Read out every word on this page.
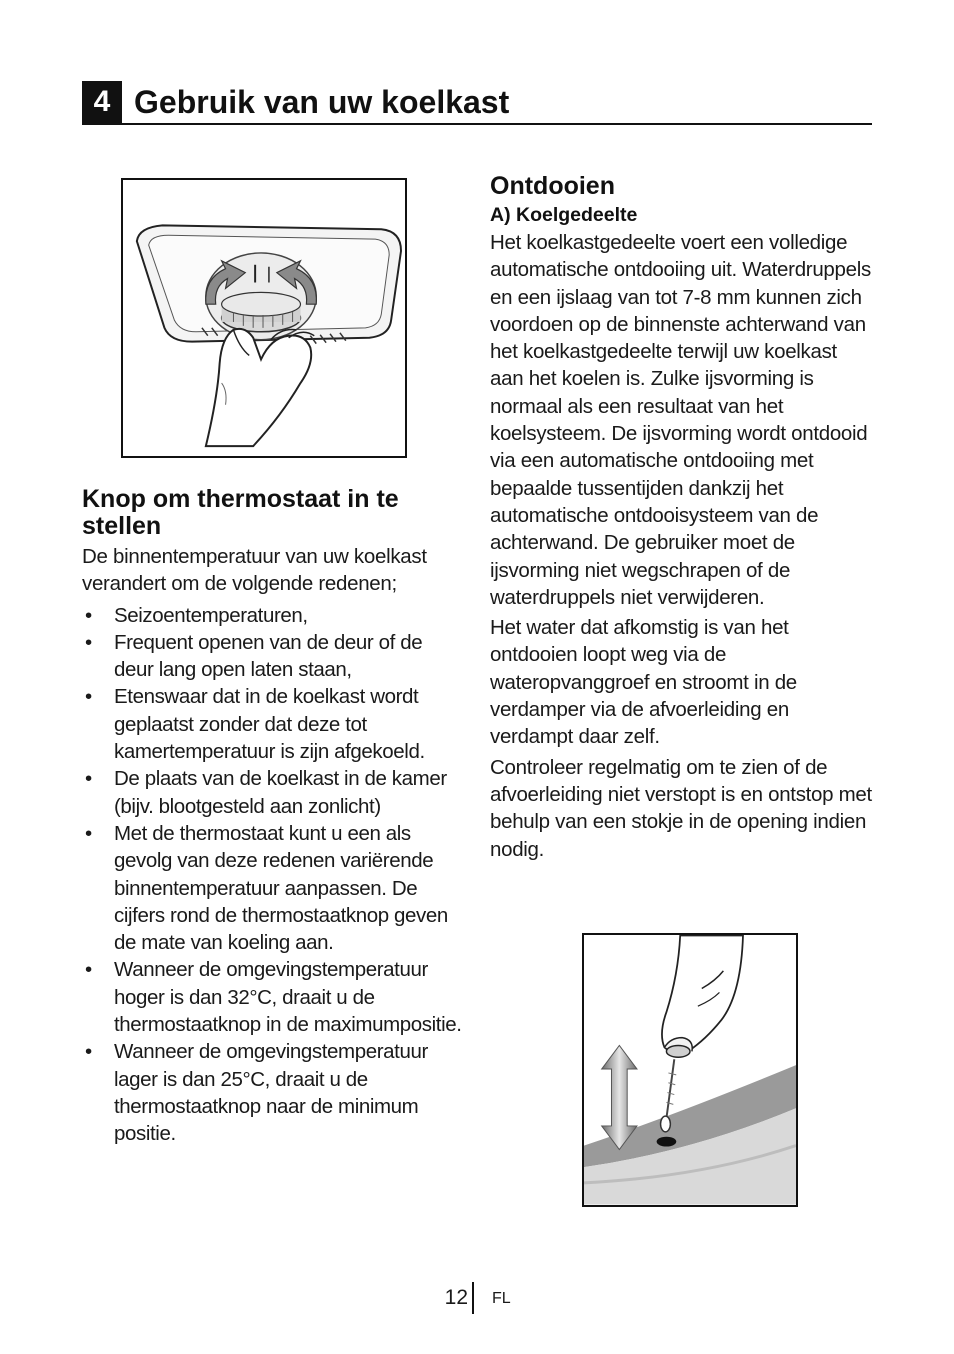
4 Gebruik van uw koelkast
Knop om thermostaat in te stellen

De binnentemperatuur van uw koelkast verandert om de volgende redenen;

• Seizoentemperaturen,
• Frequent openen van de deur of de deur lang open laten staan,
• Etenswaar dat in de koelkast wordt geplaatst zonder dat deze tot kamertemperatuur is zijn afgekoeld.
• De plaats van de koelkast in de kamer (bijv. blootgesteld aan zonlicht)
• Met de thermostaat kunt u een als gevolg van deze redenen variërende binnentemperatuur aanpassen. De cijfers rond de thermostaatknop geven de mate van koeling aan.
• Wanneer de omgevingstemperatuur hoger is dan 32°C, draait u de thermostaatknop in de maximumpositie.
• Wanneer de omgevingstemperatuur lager is dan 25°C, draait u de thermostaatknop naar de minimum positie.
Ontdooien
A) Koelgedeelte

Het koelkastgedeelte voert een volledige automatische ontdooiing uit. Waterdruppels en een ijslaag van tot 7-8 mm kunnen zich voordoen op de binnenste achterwand van het koelkastgedeelte terwijl uw koelkast aan het koelen is. Zulke ijsvorming is normaal als een resultaat van het koelsysteem. De ijsvorming wordt ontdooid via een automatische ontdooiing met bepaalde tussentijden dankzij het automatische ontdooisysteem van de achterwand. De gebruiker moet de ijsvorming niet wegschrapen of de waterdruppels niet verwijderen.

Het water dat afkomstig is van het ontdooien loopt weg via de wateropvanggroef en stroomt in de verdamper via de afvoerleiding en verdampt daar zelf.

Controleer regelmatig om te zien of de afvoerleiding niet verstopt is en ontstop met behulp van een stokje in de opening indien nodig.

12 FL
